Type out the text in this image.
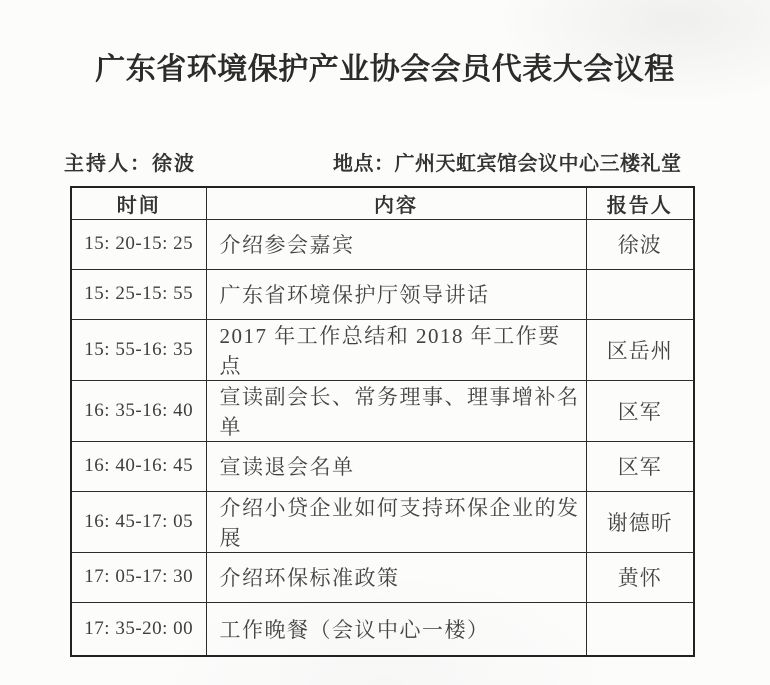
广东省环境保护产业协会会员代表大会议程
主持人：徐波	地点：广州天虹宾馆会议中心三楼礼堂
时间	内容	报告人
15: 20-15: 25	介绍参会嘉宾	徐波
15: 25-15: 55	广东省环境保护厅领导讲话	
15: 55-16: 35	2017 年工作总结和 2018 年工作要点	区岳州
16: 35-16: 40	宣读副会长、常务理事、理事增补名单	区军
16: 40-16: 45	宣读退会名单	区军
16: 45-17: 05	介绍小贷企业如何支持环保企业的发展	谢德昕
17: 05-17: 30	介绍环保标准政策	黄怀
17: 35-20: 00	工作晚餐（会议中心一楼）	
